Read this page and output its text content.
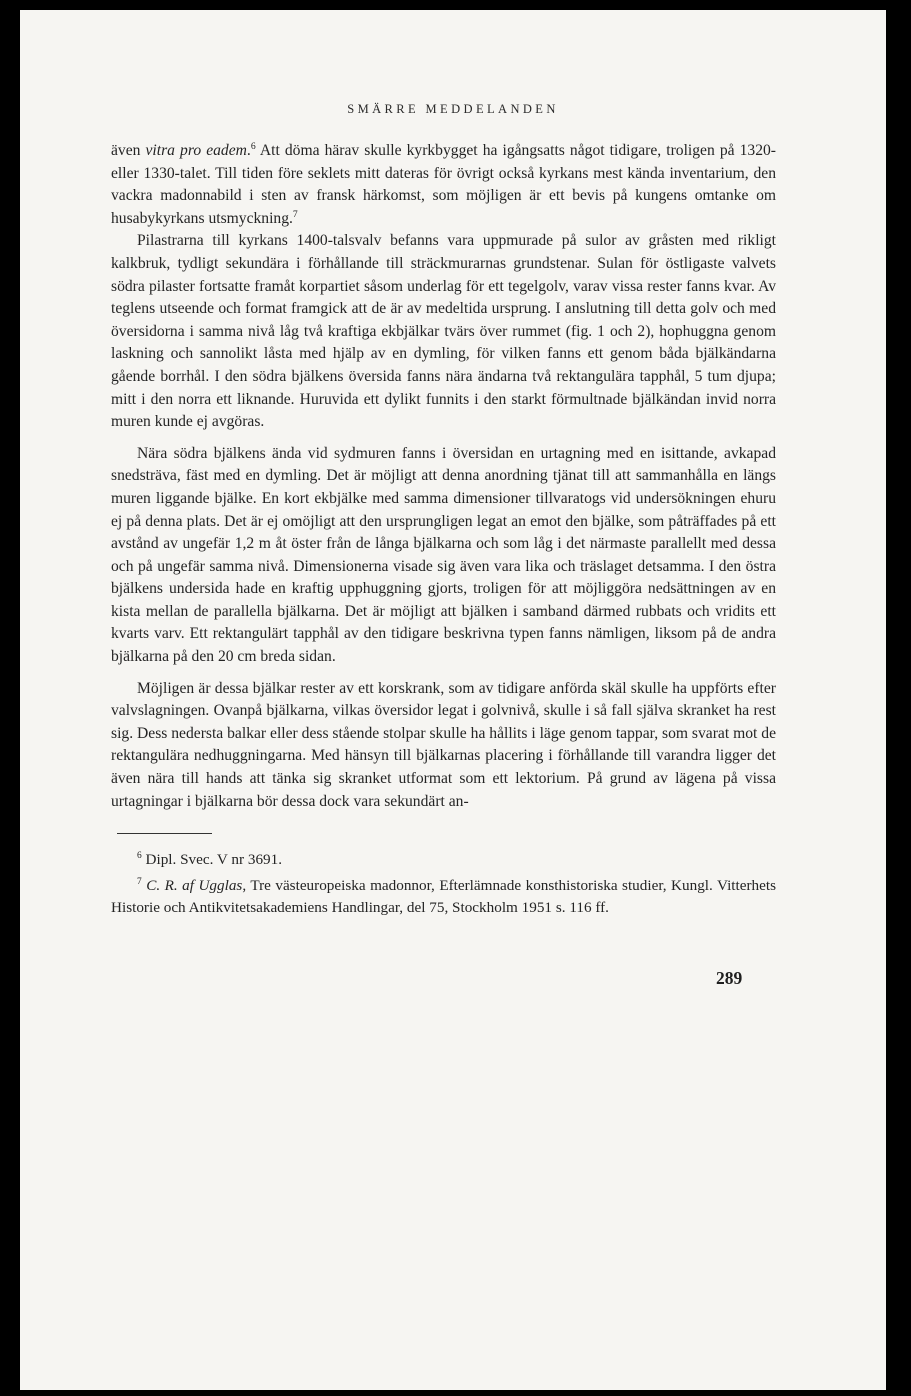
SMÄRRE MEDDELANDEN

även vitra pro eadem.$^6$ Att döma härav skulle kyrkbygget ha igångsatts något tidigare, troligen på 1320- eller 1330-talet. Till tiden före seklets mitt dateras för övrigt också kyrkans mest kända inventarium, den vackra madonnabild i sten av fransk härkomst, som möjligen är ett bevis på kungens omtanke om husabykyrkans utsmyckning.$^7$

Pilastrarna till kyrkans 1400-talsvalv befanns vara uppmurade på sulor av gråsten med rikligt kalkbruk, tydligt sekundära i förhållande till sträckmurarnas grundstenar. Sulan för östligaste valvets södra pilaster fortsatte framåt korpartiet såsom underlag för ett tegelgolv, varav vissa rester fanns kvar. Av teglens utseende och format framgick att de är av medeltida ursprung. I anslutning till detta golv och med översidorna i samma nivå låg två kraftiga ekbjälkar tvärs över rummet (fig. 1 och 2), hophuggna genom laskning och sannolikt låsta med hjälp av en dymling, för vilken fanns ett genom båda bjälkändarna gående borrhål. I den södra bjälkens översida fanns nära ändarna två rektangulära tapphål, 5 tum djupa; mitt i den norra ett liknande. Huruvida ett dylikt funnits i den starkt förmultnade bjälkändan invid norra muren kunde ej avgöras.

Nära södra bjälkens ända vid sydmuren fanns i översidan en urtagning med en isittande, avkapad snedsträva, fäst med en dymling. Det är möjligt att denna anordning tjänat till att sammanhålla en längs muren liggande bjälke. En kort ekbjälke med samma dimensioner tillvaratogs vid undersökningen ehuru ej på denna plats. Det är ej omöjligt att den ursprungligen legat an emot den bjälke, som påträffades på ett avstånd av ungefär 1,2 m åt öster från de långa bjälkarna och som låg i det närmaste parallellt med dessa och på ungefär samma nivå. Dimensionerna visade sig även vara lika och träslaget detsamma. I den östra bjälkens undersida hade en kraftig upphuggning gjorts, troligen för att möjliggöra nedsättningen av en kista mellan de parallella bjälkarna. Det är möjligt att bjälken i samband därmed rubbats och vridits ett kvarts varv. Ett rektangulärt tapphål av den tidigare beskrivna typen fanns nämligen, liksom på de andra bjälkarna på den 20 cm breda sidan.

Möjligen är dessa bjälkar rester av ett korskrank, som av tidigare anförda skäl skulle ha uppförts efter valvslagningen. Ovanpå bjälkarna, vilkas översidor legat i golvnivå, skulle i så fall själva skranket ha rest sig. Dess nedersta balkar eller dess stående stolpar skulle ha hållits i läge genom tappar, som svarat mot de rektangulära nedhuggningarna. Med hänsyn till bjälkarnas placering i förhållande till varandra ligger det även nära till hands att tänka sig skranket utformat som ett lektorium. På grund av lägena på vissa urtagningar i bjälkarna bör dessa dock vara sekundärt an-

$^6$ Dipl. Svec. V nr 3691.

$^7$ C. R. af Ugglas, Tre västeuropeiska madonnor, Efterlämnade konsthistoriska studier, Kungl. Vitterhets Historie och Antikvitetsakademiens Handlingar, del 75, Stockholm 1951 s. 116 ff.

289
